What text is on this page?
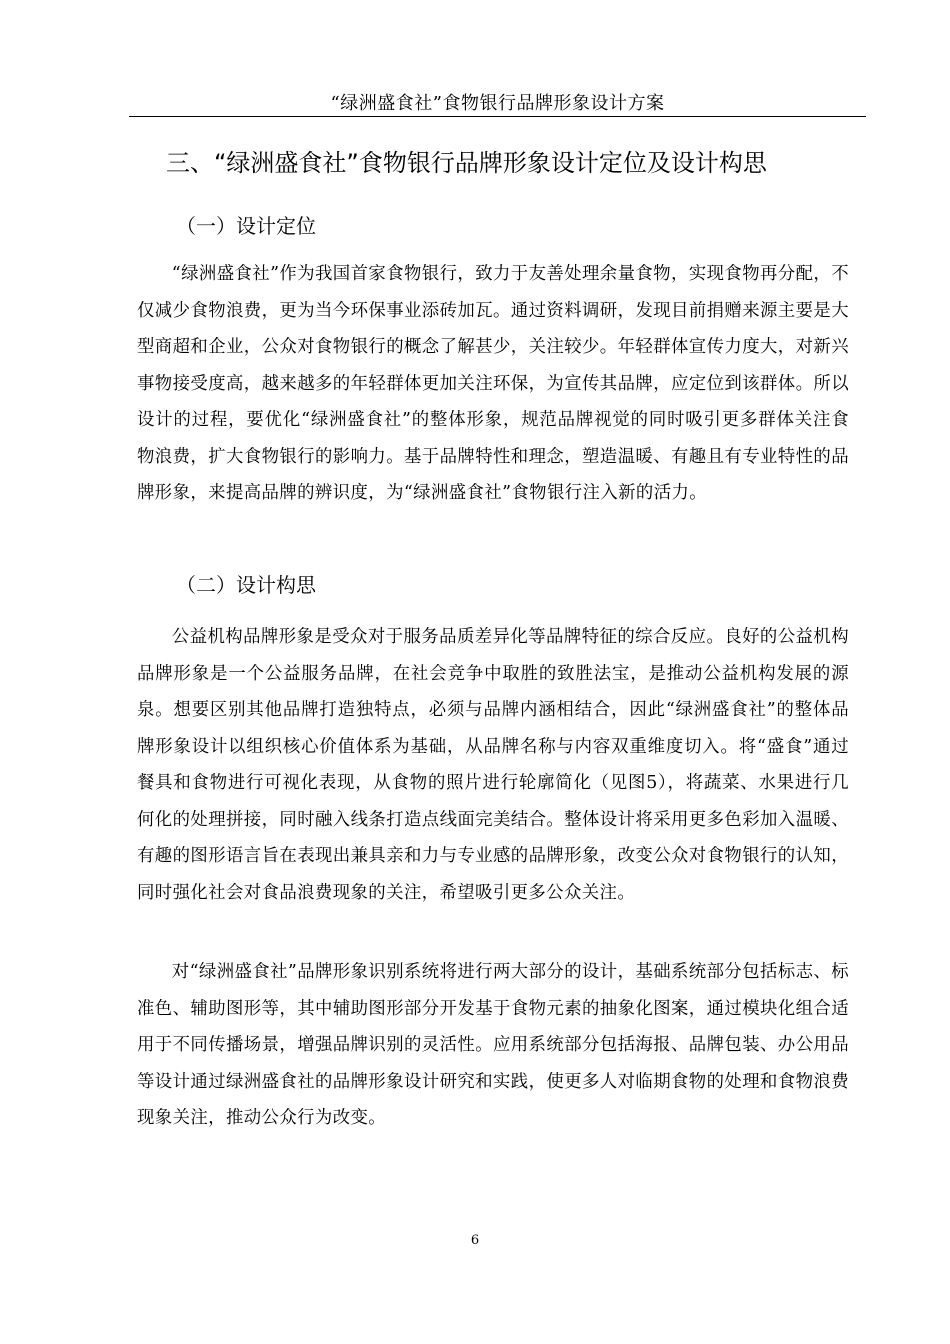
“绿洲盛食社”食物银行品牌形象设计方案
三、“绿洲盛食社”食物银行品牌形象设计定位及设计构思
（一）设计定位

“绿洲盛食社”作为我国首家食物银行，致力于友善处理余量食物，实现食物再分配，不仅减少食物浪费，更为当今环保事业添砖加瓦。通过资料调研，发现目前捐赠来源主要是大型商超和企业，公众对食物银行的概念了解甚少，关注较少。年轻群体宣传力度大，对新兴事物接受度高，越来越多的年轻群体更加关注环保，为宣传其品牌，应定位到该群体。所以设计的过程，要优化“绿洲盛食社”的整体形象，规范品牌视觉的同时吸引更多群体关注食物浪费，扩大食物银行的影响力。基于品牌特性和理念，塑造温暖、有趣且有专业特性的品牌形象，来提高品牌的辨识度，为“绿洲盛食社”食物银行注入新的活力。

（二）设计构思

公益机构品牌形象是受众对于服务品质差异化等品牌特征的综合反应。良好的公益机构品牌形象是一个公益服务品牌，在社会竞争中取胜的致胜法宝，是推动公益机构发展的源泉。想要区别其他品牌打造独特点，必须与品牌内涵相结合，因此“绿洲盛食社”的整体品牌形象设计以组织核心价值体系为基础，从品牌名称与内容双重维度切入。将“盛食”通过餐具和食物进行可视化表现，从食物的照片进行轮廓简化（见图5），将蔬菜、水果进行几何化的处理拼接，同时融入线条打造点线面完美结合。整体设计将采用更多色彩加入温暖、有趣的图形语言旨在表现出兼具亲和力与专业感的品牌形象，改变公众对食物银行的认知，同时强化社会对食品浪费现象的关注，希望吸引更多公众关注。

对“绿洲盛食社”品牌形象识别系统将进行两大部分的设计，基础系统部分包括标志、标准色、辅助图形等，其中辅助图形部分开发基于食物元素的抽象化图案，通过模块化组合适用于不同传播场景，增强品牌识别的灵活性。应用系统部分包括海报、品牌包装、办公用品等设计通过绿洲盛食社的品牌形象设计研究和实践，使更多人对临期食物的处理和食物浪费现象关注，推动公众行为改变。

6
